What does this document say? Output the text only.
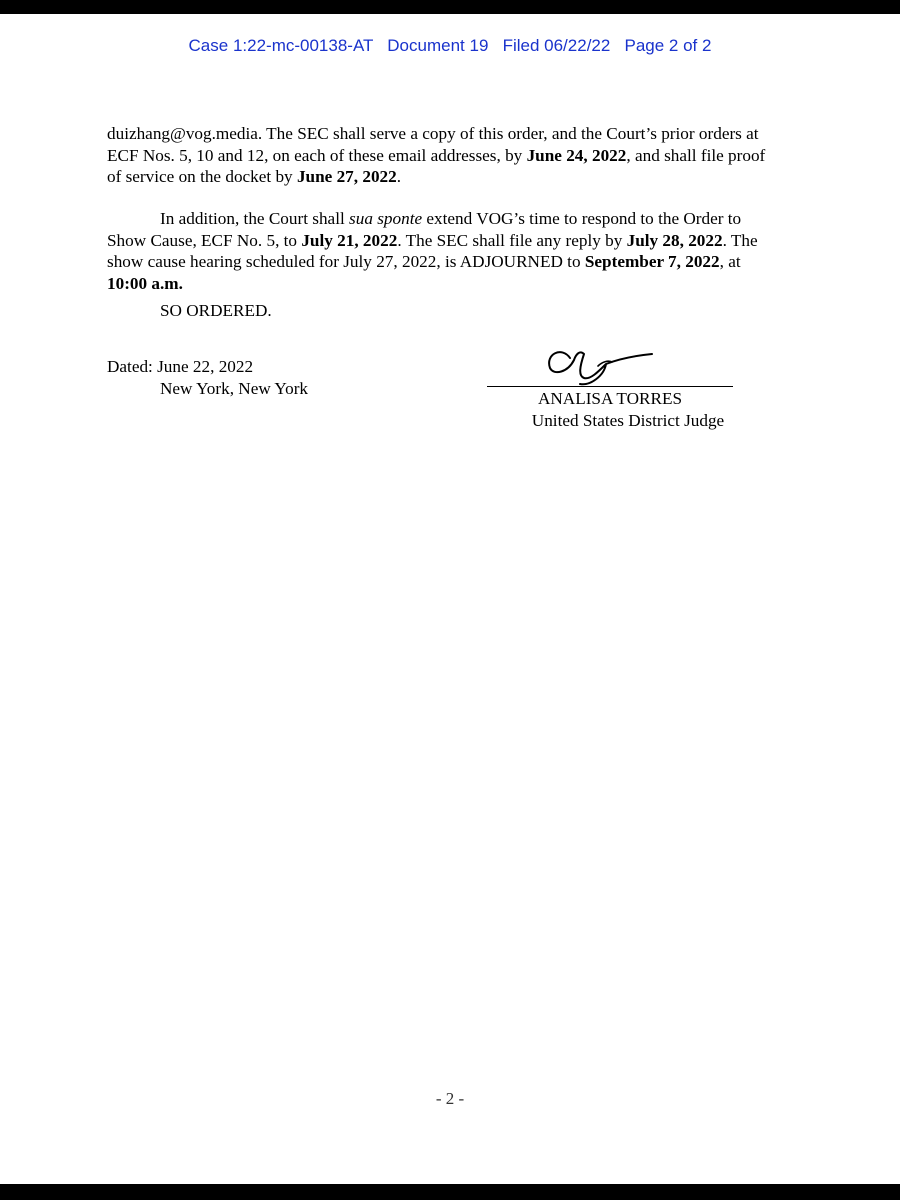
Case 1:22-mc-00138-AT Document 19 Filed 06/22/22 Page 2 of 2
duizhang@vog.media. The SEC shall serve a copy of this order, and the Court’s prior orders at
ECF Nos. 5, 10 and 12, on each of these email addresses, by June 24, 2022, and shall file proof
of service on the docket by June 27, 2022.
In addition, the Court shall sua sponte extend VOG’s time to respond to the Order to
Show Cause, ECF No. 5, to July 21, 2022. The SEC shall file any reply by July 28, 2022. The
show cause hearing scheduled for July 27, 2022, is ADJOURNED to September 7, 2022, at
10:00 a.m.
SO ORDERED.
Dated: June 22, 2022
New York, New York
ANALISA TORRES
United States District Judge
- 2 -
